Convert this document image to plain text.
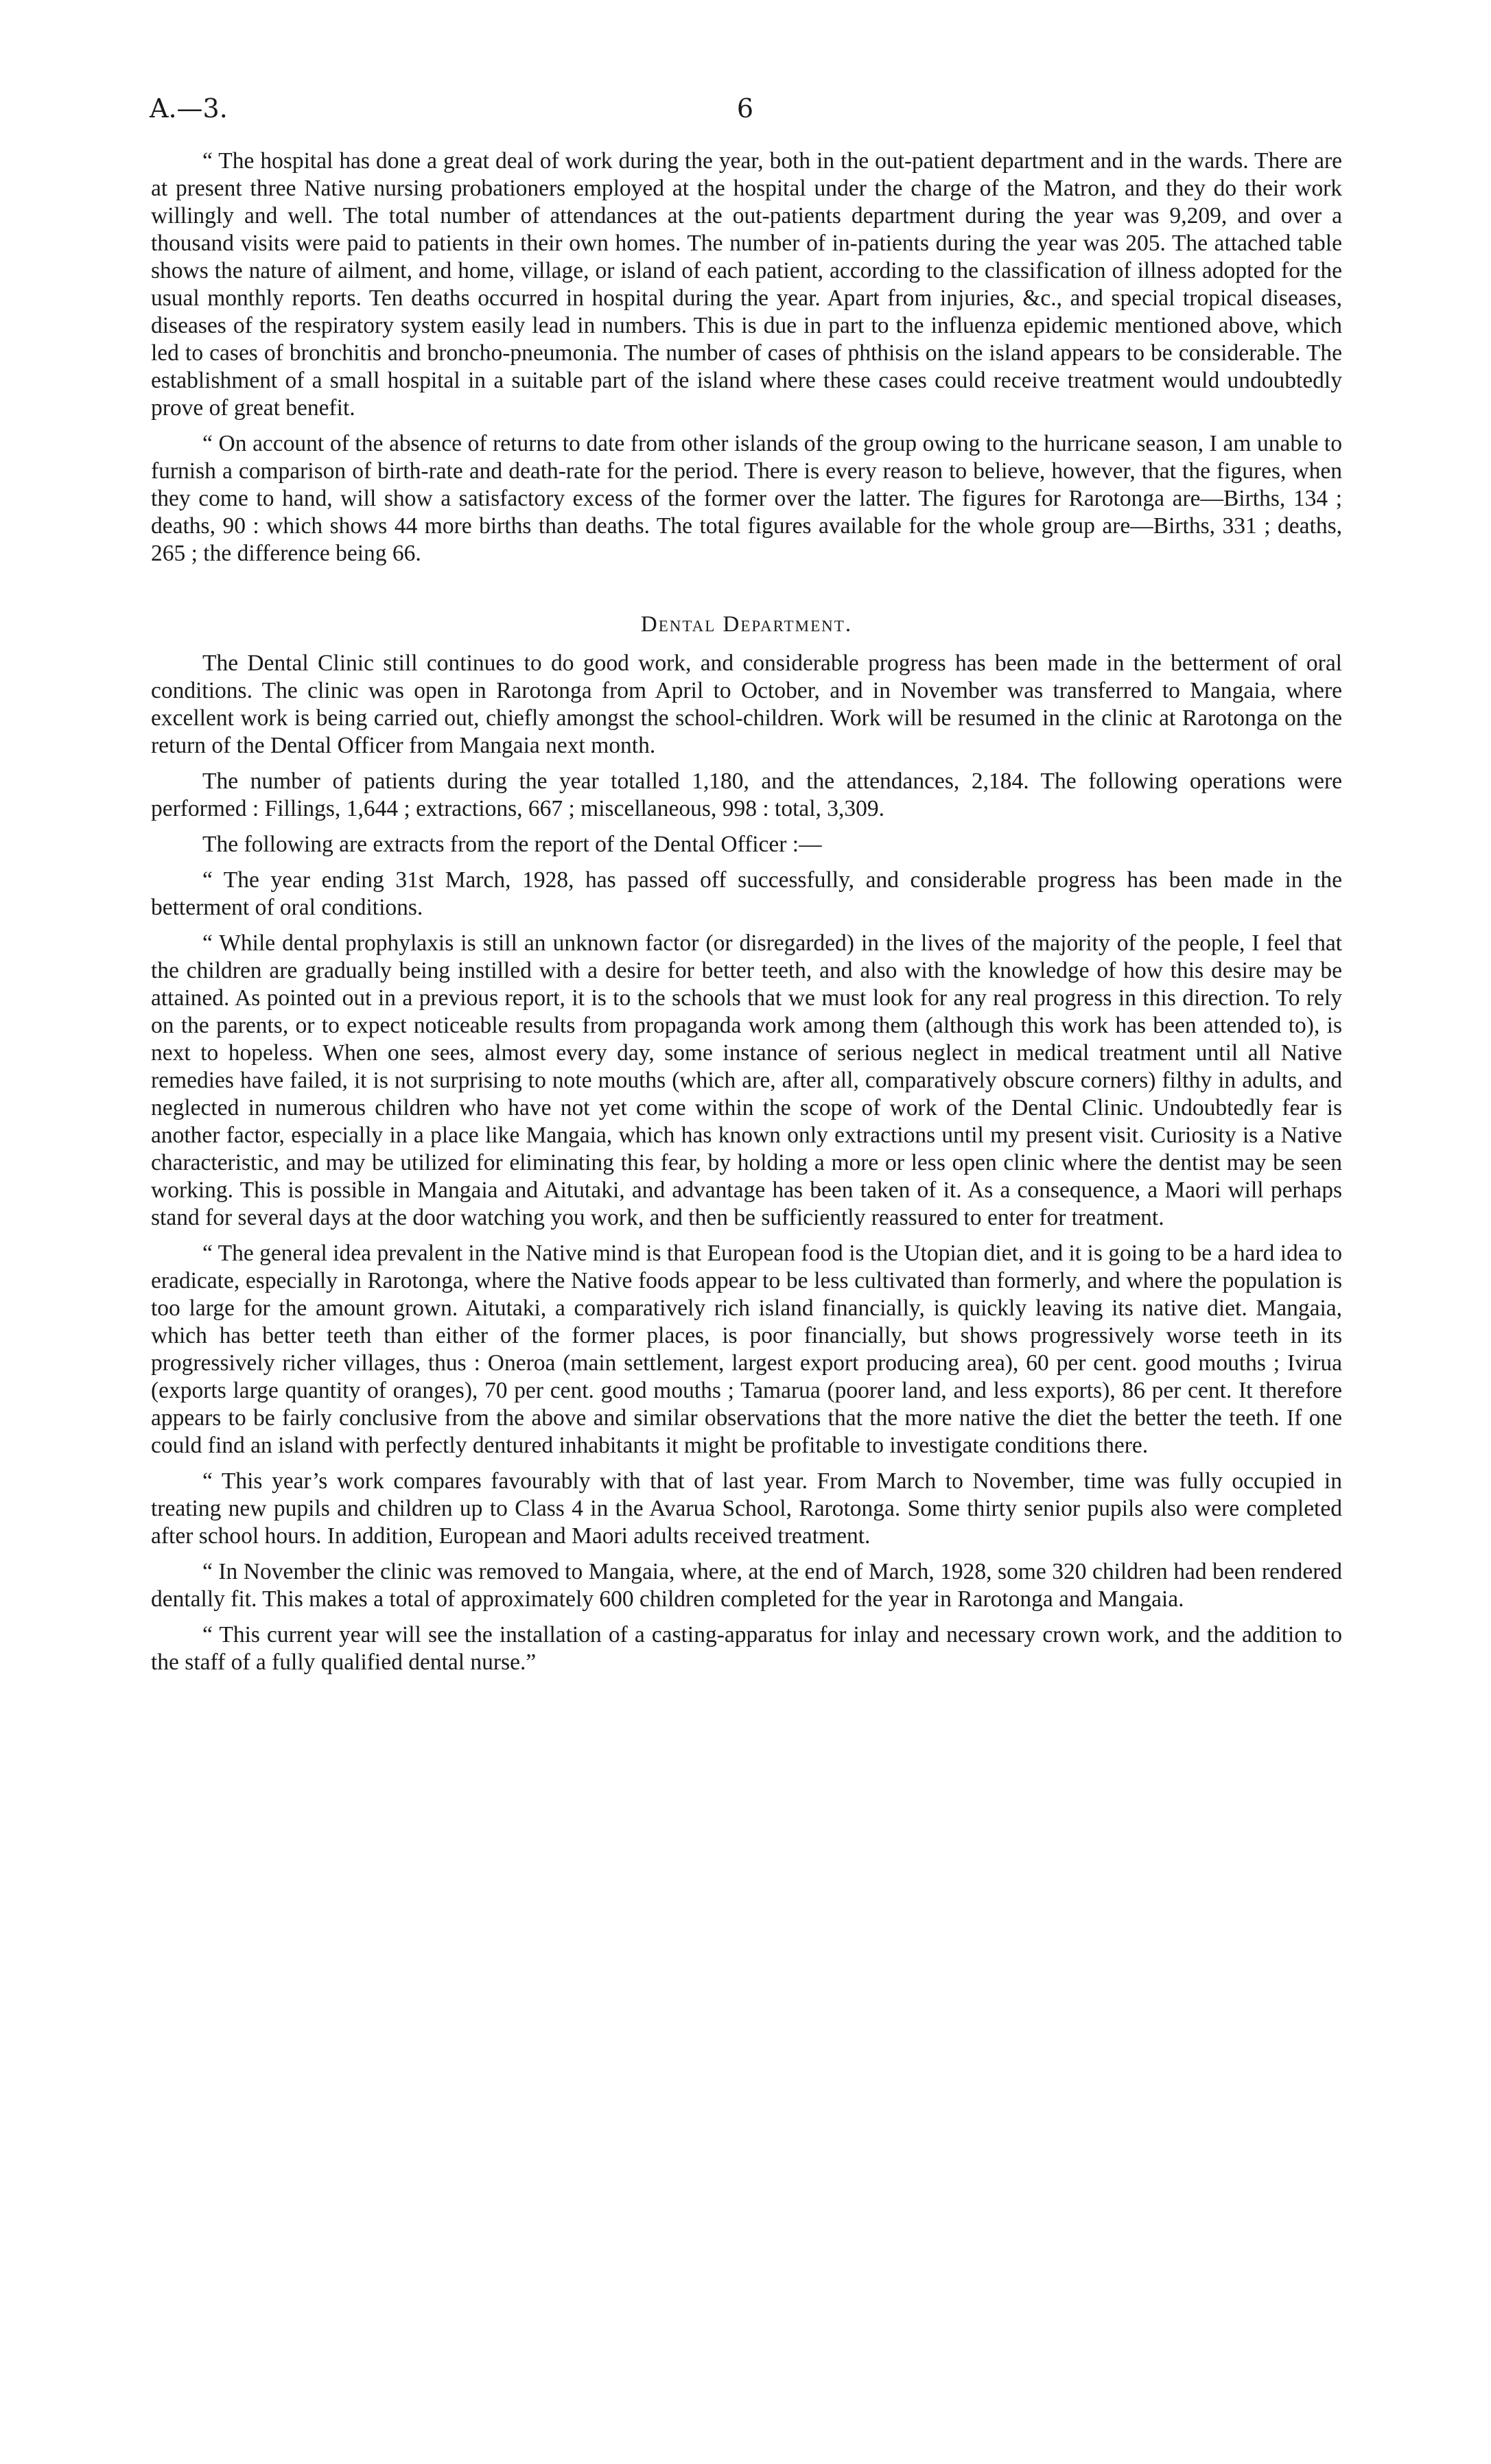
A.—3.	6

“ The hospital has done a great deal of work during the year, both in the out-patient department and in the wards. There are at present three Native nursing probationers employed at the hospital under the charge of the Matron, and they do their work willingly and well. The total number of attendances at the out-patients department during the year was 9,209, and over a thousand visits were paid to patients in their own homes. The number of in-patients during the year was 205. The attached table shows the nature of ailment, and home, village, or island of each patient, according to the classification of illness adopted for the usual monthly reports. Ten deaths occurred in hospital during the year. Apart from injuries, &c., and special tropical diseases, diseases of the respiratory system easily lead in numbers. This is due in part to the influenza epidemic mentioned above, which led to cases of bronchitis and broncho-pneumonia. The number of cases of phthisis on the island appears to be considerable. The establishment of a small hospital in a suitable part of the island where these cases could receive treatment would undoubtedly prove of great benefit.

“ On account of the absence of returns to date from other islands of the group owing to the hurricane season, I am unable to furnish a comparison of birth-rate and death-rate for the period. There is every reason to believe, however, that the figures, when they come to hand, will show a satisfactory excess of the former over the latter. The figures for Rarotonga are—Births, 134 ; deaths, 90 : which shows 44 more births than deaths. The total figures available for the whole group are—Births, 331 ; deaths, 265 ; the difference being 66.

Dental Department.

The Dental Clinic still continues to do good work, and considerable progress has been made in the betterment of oral conditions. The clinic was open in Rarotonga from April to October, and in November was transferred to Mangaia, where excellent work is being carried out, chiefly amongst the school-children. Work will be resumed in the clinic at Rarotonga on the return of the Dental Officer from Mangaia next month.

The number of patients during the year totalled 1,180, and the attendances, 2,184. The following operations were performed : Fillings, 1,644 ; extractions, 667 ; miscellaneous, 998 : total, 3,309.

The following are extracts from the report of the Dental Officer :—

“ The year ending 31st March, 1928, has passed off successfully, and considerable progress has been made in the betterment of oral conditions.

“ While dental prophylaxis is still an unknown factor (or disregarded) in the lives of the majority of the people, I feel that the children are gradually being instilled with a desire for better teeth, and also with the knowledge of how this desire may be attained. As pointed out in a previous report, it is to the schools that we must look for any real progress in this direction. To rely on the parents, or to expect noticeable results from propaganda work among them (although this work has been attended to), is next to hopeless. When one sees, almost every day, some instance of serious neglect in medical treatment until all Native remedies have failed, it is not surprising to note mouths (which are, after all, comparatively obscure corners) filthy in adults, and neglected in numerous children who have not yet come within the scope of work of the Dental Clinic. Undoubtedly fear is another factor, especially in a place like Mangaia, which has known only extractions until my present visit. Curiosity is a Native characteristic, and may be utilized for eliminating this fear, by holding a more or less open clinic where the dentist may be seen working. This is possible in Mangaia and Aitutaki, and advantage has been taken of it. As a consequence, a Maori will perhaps stand for several days at the door watching you work, and then be sufficiently reassured to enter for treatment.

“ The general idea prevalent in the Native mind is that European food is the Utopian diet, and it is going to be a hard idea to eradicate, especially in Rarotonga, where the Native foods appear to be less cultivated than formerly, and where the population is too large for the amount grown. Aitutaki, a comparatively rich island financially, is quickly leaving its native diet. Mangaia, which has better teeth than either of the former places, is poor financially, but shows progressively worse teeth in its progressively richer villages, thus : Oneroa (main settlement, largest export producing area), 60 per cent. good mouths ; Ivirua (exports large quantity of oranges), 70 per cent. good mouths ; Tamarua (poorer land, and less exports), 86 per cent. It therefore appears to be fairly conclusive from the above and similar observations that the more native the diet the better the teeth. If one could find an island with perfectly dentured inhabitants it might be profitable to investigate conditions there.

“ This year’s work compares favourably with that of last year. From March to November, time was fully occupied in treating new pupils and children up to Class 4 in the Avarua School, Rarotonga. Some thirty senior pupils also were completed after school hours. In addition, European and Maori adults received treatment.

“ In November the clinic was removed to Mangaia, where, at the end of March, 1928, some 320 children had been rendered dentally fit. This makes a total of approximately 600 children completed for the year in Rarotonga and Mangaia.

“ This current year will see the installation of a casting-apparatus for inlay and necessary crown work, and the addition to the staff of a fully qualified dental nurse.”
